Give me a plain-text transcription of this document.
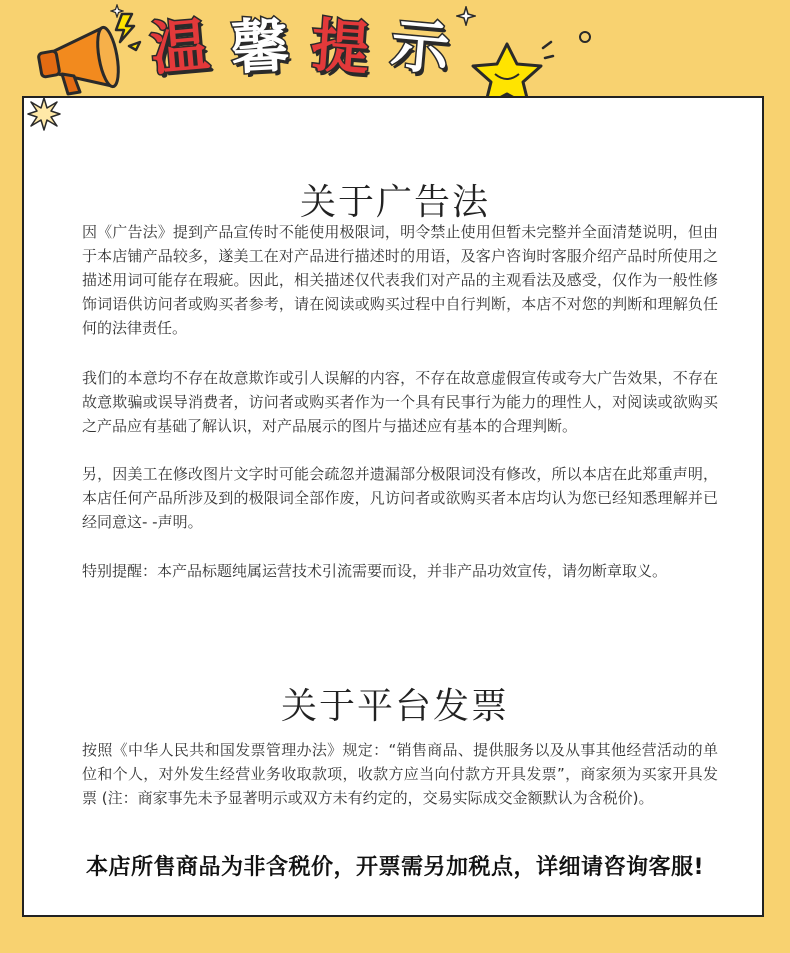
温 馨 提 示
关于广告法

因《广告法》提到产品宣传时不能使用极限词，明令禁止使用但暂未完整并全面清楚说明，但由于本店铺产品较多，遂美工在对产品进行描述时的用语，及客户咨询时客服介绍产品时所使用之描述用词可能存在瑕疵。因此，相关描述仅代表我们对产品的主观看法及感受，仅作为一般性修饰词语供访问者或购买者参考，请在阅读或购买过程中自行判断，本店不对您的判断和理解负任何的法律责任。

我们的本意均不存在故意欺诈或引人误解的内容，不存在故意虚假宣传或夸大广告效果，不存在故意欺骗或误导消费者，访问者或购买者作为一个具有民事行为能力的理性人，对阅读或欲购买之产品应有基础了解认识，对产品展示的图片与描述应有基本的合理判断。

另，因美工在修改图片文字时可能会疏忽并遗漏部分极限词没有修改，所以本店在此郑重声明，本店任何产品所涉及到的极限词全部作废，凡访问者或欲购买者本店均认为您已经知悉理解并已经同意这- -声明。

特别提醒：本产品标题纯属运营技术引流需要而设，并非产品功效宣传，请勿断章取义。

关于平台发票

按照《中华人民共和国发票管理办法》规定：“销售商品、提供服务以及从事其他经营活动的单位和个人，对外发生经营业务收取款项，收款方应当向付款方开具发票”，商家须为买家开具发票 (注：商家事先未予显著明示或双方未有约定的，交易实际成交金额默认为含税价)。

本店所售商品为非含税价，开票需另加税点，详细请咨询客服!
